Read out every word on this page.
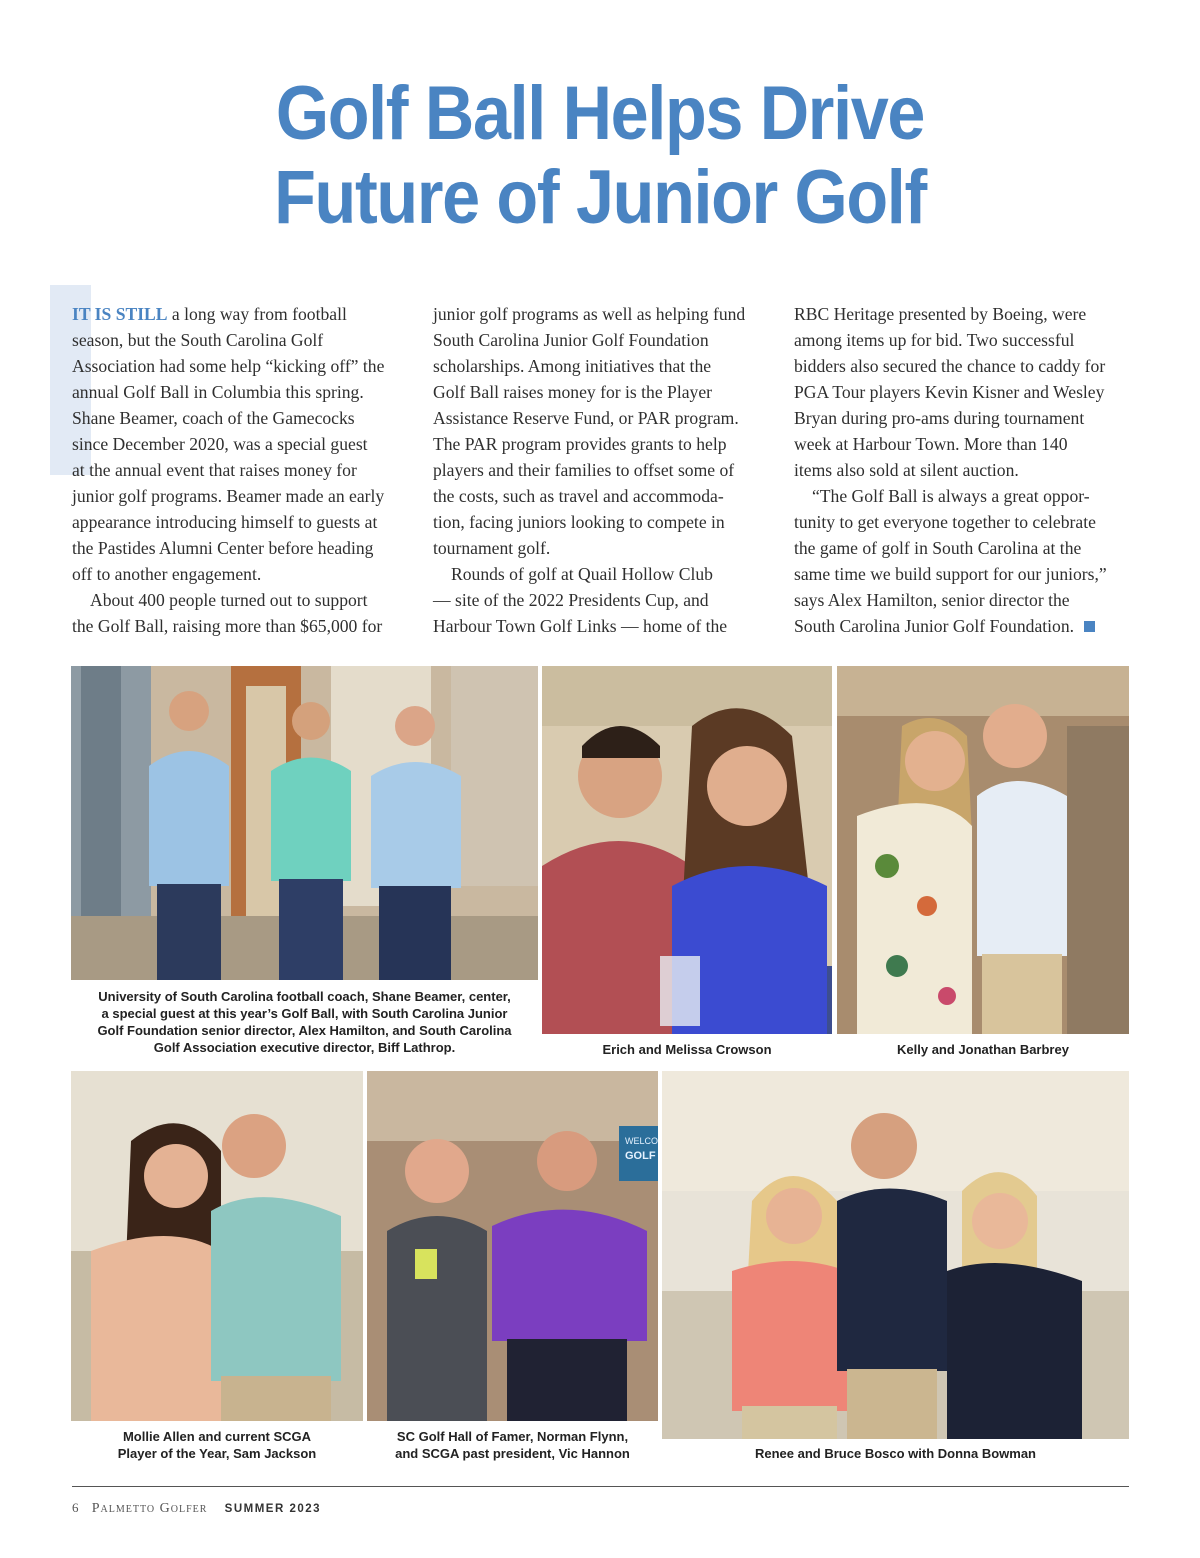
Golf Ball Helps Drive
Future of Junior Golf

IT IS STILL a long way from football

season, but the South Carolina Golf

Association had some help “kicking off” the

annual Golf Ball in Columbia this spring.

Shane Beamer, coach of the Gamecocks

since December 2020, was a special guest

at the annual event that raises money for

junior golf programs. Beamer made an early

appearance introducing himself to guests at

the Pastides Alumni Center before heading

off to another engagement.

About 400 people turned out to support

the Golf Ball, raising more than $65,000 for

junior golf programs as well as helping fund

South Carolina Junior Golf Foundation

scholarships. Among initiatives that the

Golf Ball raises money for is the Player

Assistance Reserve Fund, or PAR program.

The PAR program provides grants to help

players and their families to offset some of

the costs, such as travel and accommoda-

tion, facing juniors looking to compete in

tournament golf.

Rounds of golf at Quail Hollow Club

— site of the 2022 Presidents Cup, and

Harbour Town Golf Links — home of the

RBC Heritage presented by Boeing, were

among items up for bid. Two successful

bidders also secured the chance to caddy for

PGA Tour players Kevin Kisner and Wesley

Bryan during pro-ams during tournament

week at Harbour Town. More than 140

items also sold at silent auction.

“The Golf Ball is always a great oppor-

tunity to get everyone together to celebrate

the game of golf in South Carolina at the

same time we build support for our juniors,”

says Alex Hamilton, senior director the

South Carolina Junior Golf Foundation.

University of South Carolina football coach, Shane Beamer, center,
a special guest at this year’s Golf Ball, with South Carolina Junior
Golf Foundation senior director, Alex Hamilton, and South Carolina
Golf Association executive director, Biff Lathrop.	Erich and Melissa Crowson	Kelly and Jonathan Barbrey
Mollie Allen and current SCGA
Player of the Year, Sam Jackson
WELCO
GOLF
SC Golf Hall of Famer, Norman Flynn,
and SCGA past president, Vic Hannon	Renee and Bruce Bosco with Donna Bowman
6 Palmetto Golfer SUMMER 2023
